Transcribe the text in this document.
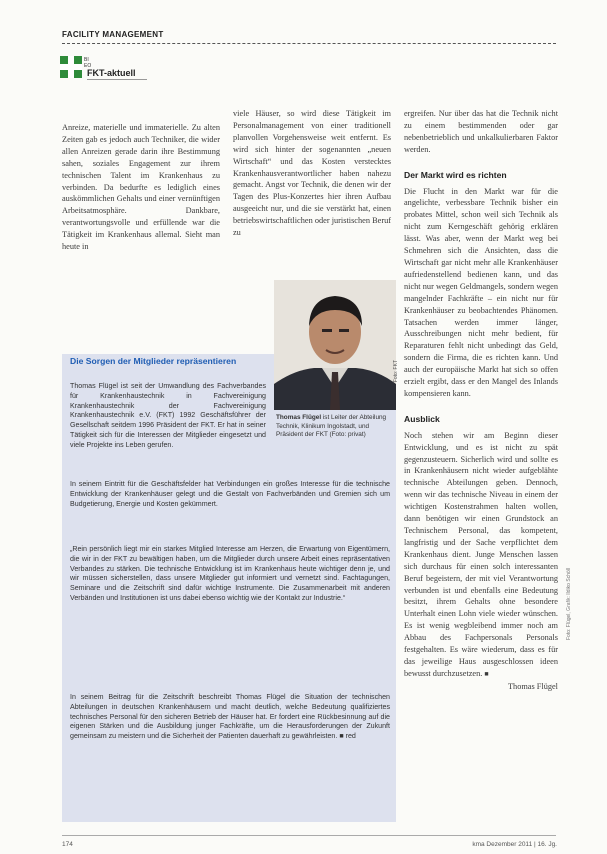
FACILITY MANAGEMENT
BI
EO
FKT-aktuell

Anreize, materielle und immaterielle. Zu alten Zeiten gab es jedoch auch Techniker, die wider allen Anreizen gerade darin ihre Bestimmung sahen, soziales Engagement zur ihrem technischen Talent im Krankenhaus zu verbinden. Da bedurfte es lediglich eines auskömmlichen Gehalts und einer vernünftigen Arbeitsatmosphäre. Dankbare, verantwortungsvolle und erfüllende war die Tätigkeit im Krankenhaus allemal. Sieht man heute in

viele Häuser, so wird diese Tätigkeit im Personalmanagement von einer traditionell planvollen Vorgehensweise weit entfernt. Es wird sich hinter der sogenannten „neuen Wirtschaft“ und das Kosten verstecktes Krankenhausverantwortlicher haben nahezu gemacht. Angst vor Technik, die denen wir der Tagen des Plus-Konzertes hier ihren Aufbau ausgeeicht nur, und die sie verstärkt hat, einen betriebswirtschaftlichen oder juristischen Beruf zu

ergreifen. Nur über das hat die Technik nicht zu einem bestimmenden oder gar nebenbetrieblich und unkalkulierbaren Faktor werden.

Der Markt wird es richten

Die Flucht in den Markt war für die angelichte, verbessbare Technik bisher ein probates Mittel, schon weil sich Technik als nicht zum Kerngeschäft gehörig erklären lässt. Was aber, wenn der Markt weg bei Schmehren sich die Ansichten, dass die Wirtschaft gar nicht mehr alle Krankenhäuser aufriedenstellend bedienen kann, und das nicht nur wegen Geldmangels, sondern wegen mangelnder Fachkräfte – ein nicht nur für Krankenhäuser zu beobachtendes Phänomen. Tatsachen werden immer länger, Ausschreibungen nicht mehr bedient, für Reparaturen fehlt nicht unbedingt das Geld, sondern die Firma, die es richten kann. Und auch der europäische Markt hat sich so offen erzielt ergibt, dass er den Mangel des Inlands kompensieren kann.

Ausblick

Noch stehen wir am Beginn dieser Entwicklung, und es ist nicht zu spät gegenzusteuern. Sicherlich wird und sollte es in Krankenhäusern nicht wieder aufgeblähte technische Abteilungen geben. Dennoch, wenn wir das technische Niveau in einem der wichtigen Kostenstrahmen halten wollen, dann benötigen wir einen Grundstock an Technischem Personal, das kompetent, langfristig und der Sache verpflichtet dem Krankenhaus dient. Junge Menschen lassen sich durchaus für einen solch interessanten Beruf begeistern, der mit viel Verantwortung verbunden ist und ebenfalls eine Bedeutung besitzt, ihrem Gehalts ohne besondere Unterhalt einen Lohn viele wieder wünschen. Es ist wenig wegbleibend immer noch am Abbau des Fachpersonals Personals festgehalten. Es wäre wiederum, dass es für das jeweilige Haus ausgeschlossen ideen bewusst durchzusetzen. ■

Thomas Flügel

Foto: FKT
Die Sorgen der Mitglieder repräsentieren
Thomas Flügel ist seit der Umwandlung des Fachverbandes für Krankenhaustechnik in Fachvereinigung Krankenhaustechnik der Fachvereinigung Krankenhaustechnik e.V. (FKT) 1992 Geschäftsführer der Gesellschaft seitdem 1996 Präsident der FKT. Er hat in seiner Tätigkeit sich für die Interessen der Mitglieder eingesetzt und viele Projekte ins Leben gerufen.
Thomas Flügel ist Leiter der Abteilung Technik, Klinikum Ingolstadt, und Präsident der FKT (Foto: privat)

In seinem Eintritt für die Geschäftsfelder hat Verbindungen ein großes Interesse für die technische Entwicklung der Krankenhäuser gelegt und die Gestalt von Fachverbänden und Gremien sich um Budgetierung, Energie und Kosten gekümmert.

„Rein persönlich liegt mir ein starkes Mitglied Interesse am Herzen, die Erwartung von Eigentümern, die wir in der FKT zu bewältigen haben, um die Mitglieder durch unsere Arbeit eines repräsentativen Verbandes zu stärken. Die technische Entwicklung ist im Krankenhaus heute wichtiger denn je, und wir müssen sicherstellen, dass unsere Mitglieder gut informiert und vernetzt sind. Fachtagungen, Seminare und die Zeitschrift sind dafür wichtige Instrumente. Die Zusammenarbeit mit anderen Verbänden und Institutionen ist uns dabei ebenso wichtig wie der Kontakt zur Industrie.“

In seinem Beitrag für die Zeitschrift beschreibt Thomas Flügel die Situation der technischen Abteilungen in deutschen Krankenhäusern und macht deutlich, welche Bedeutung qualifiziertes technisches Personal für den sicheren Betrieb der Häuser hat. Er fordert eine Rückbesinnung auf die eigenen Stärken und die Ausbildung junger Fachkräfte, um die Herausforderungen der Zukunft gemeinsam zu meistern und die Sicherheit der Patienten dauerhaft zu gewährleisten. ■ red

174	kma Dezember 2011 | 16. Jg.
Foto: Flügel, Grafik: Ildiko Schöll
